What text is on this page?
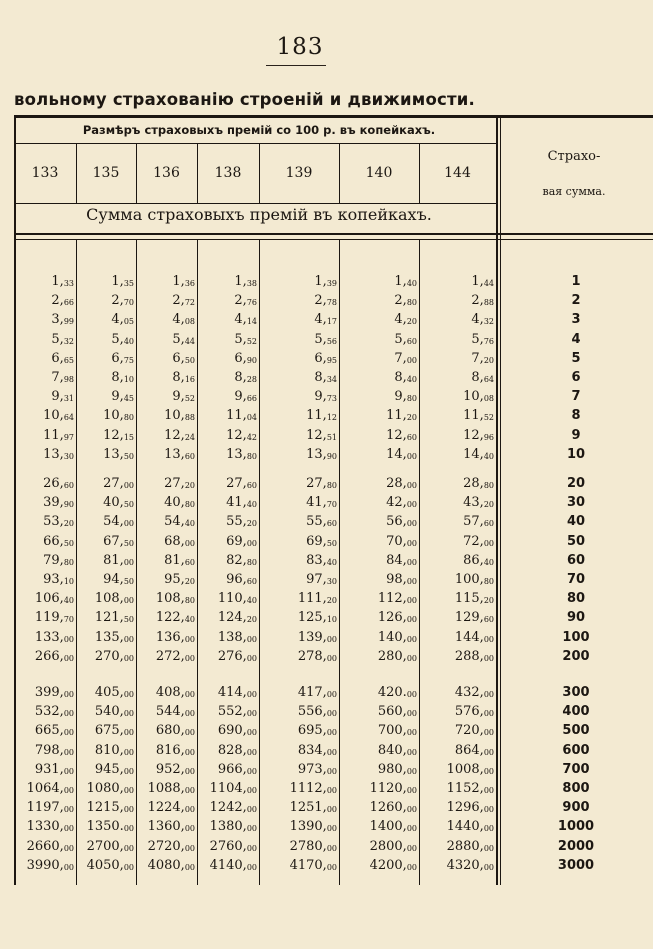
183
вольному страхованію строеній и движимости.
Размѣръ страховыхъ премій со 100 р. въ копейкахъ.
Сумма страховыхъ премій въ копейкахъ.
Страхо-
вая сумма.
133	135	136	138	139	140	144
$1,_{33}$	$1,_{35}$	$1,_{36}$	$1,_{38}$	$1,_{39}$	$1,_{40}$	$1,_{44}$	1
$2,_{66}$	$2,_{70}$	$2,_{72}$	$2,_{76}$	$2,_{78}$	$2,_{80}$	$2,_{88}$	2
$3,_{99}$	$4,_{05}$	$4,_{08}$	$4,_{14}$	$4,_{17}$	$4,_{20}$	$4,_{32}$	3
$5,_{32}$	$5,_{40}$	$5,_{44}$	$5,_{52}$	$5,_{56}$	$5,_{60}$	$5,_{76}$	4
$6,_{65}$	$6,_{75}$	$6,_{50}$	$6,_{90}$	$6,_{95}$	$7,_{00}$	$7,_{20}$	5
$7,_{98}$	$8,_{10}$	$8,_{16}$	$8,_{28}$	$8,_{34}$	$8,_{40}$	$8,_{64}$	6
$9,_{31}$	$9,_{45}$	$9,_{52}$	$9,_{66}$	$9,_{73}$	$9,_{80}$	$10,_{08}$	7
$10,_{64}$	$10,_{80}$	$10,_{88}$	$11,_{04}$	$11,_{12}$	$11,_{20}$	$11,_{52}$	8
$11,_{97}$	$12,_{15}$	$12,_{24}$	$12,_{42}$	$12,_{51}$	$12,_{60}$	$12,_{96}$	9
$13,_{30}$	$13,_{50}$	$13,_{60}$	$13,_{80}$	$13,_{90}$	$14,_{00}$	$14,_{40}$	10
$26,_{60}$	$27,_{00}$	$27,_{20}$	$27,_{60}$	$27,_{80}$	$28,_{00}$	$28,_{80}$	20
$39,_{90}$	$40,_{50}$	$40,_{80}$	$41,_{40}$	$41,_{70}$	$42,_{00}$	$43,_{20}$	30
$53,_{20}$	$54,_{00}$	$54,_{40}$	$55,_{20}$	$55,_{60}$	$56,_{00}$	$57,_{60}$	40
$66,_{50}$	$67,_{50}$	$68,_{00}$	$69,_{00}$	$69,_{50}$	$70,_{00}$	$72,_{00}$	50
$79,_{80}$	$81,_{00}$	$81,_{60}$	$82,_{80}$	$83,_{40}$	$84,_{00}$	$86,_{40}$	60
$93,_{10}$	$94,_{50}$	$95,_{20}$	$96,_{60}$	$97,_{30}$	$98,_{00}$	$100,_{80}$	70
$106,_{40}$	$108,_{00}$	$108,_{80}$	$110,_{40}$	$111,_{20}$	$112,_{00}$	$115,_{20}$	80
$119,_{70}$	$121,_{50}$	$122,_{40}$	$124,_{20}$	$125,_{10}$	$126,_{00}$	$129,_{60}$	90
$133,_{00}$	$135,_{00}$	$136,_{00}$	$138,_{00}$	$139,_{00}$	$140,_{00}$	$144,_{00}$	100
$266,_{00}$	$270,_{00}$	$272,_{00}$	$276,_{00}$	$278,_{00}$	$280,_{00}$	$288,_{00}$	200
$399,_{00}$	$405,_{00}$	$408,_{00}$	$414,_{00}$	$417,_{00}$	$420._{00}$	$432,_{00}$	300
$532,_{00}$	$540,_{00}$	$544,_{00}$	$552,_{00}$	$556,_{00}$	$560,_{00}$	$576,_{00}$	400
$665,_{00}$	$675,_{00}$	$680,_{00}$	$690,_{00}$	$695,_{00}$	$700,_{00}$	$720,_{00}$	500
$798,_{00}$	$810,_{00}$	$816,_{00}$	$828,_{00}$	$834,_{00}$	$840,_{00}$	$864,_{00}$	600
$931,_{00}$	$945,_{00}$	$952,_{00}$	$966,_{00}$	$973,_{00}$	$980,_{00}$	$1008,_{00}$	700
$1064,_{00}$ $1080,_{00}$	$1088,_{00}$	$1104,_{00}$	$1112,_{00}$	$1120,_{00}$	$1152,_{00}$	800
$1197,_{00}$ $1215,_{00}$	$1224,_{00}$	$1242,_{00}$	$1251,_{00}$	$1260,_{00}$	$1296,_{00}$	900
$1330,_{00}$ $1350._{00}$	$1360,_{00}$	$1380,_{00}$	$1390,_{00}$	$1400,_{00}$	$1440,_{00}$	1000
$2660,_{00}$ $2700,_{00}$	$2720,_{00}$	$2760,_{00}$	$2780,_{00}$	$2800,_{00}$	$2880,_{00}$	2000
$3990,_{00}$ $4050,_{00}$	$4080,_{00}$	$4140,_{00}$	$4170,_{00}$	$4200,_{00}$	$4320,_{00}$	3000
